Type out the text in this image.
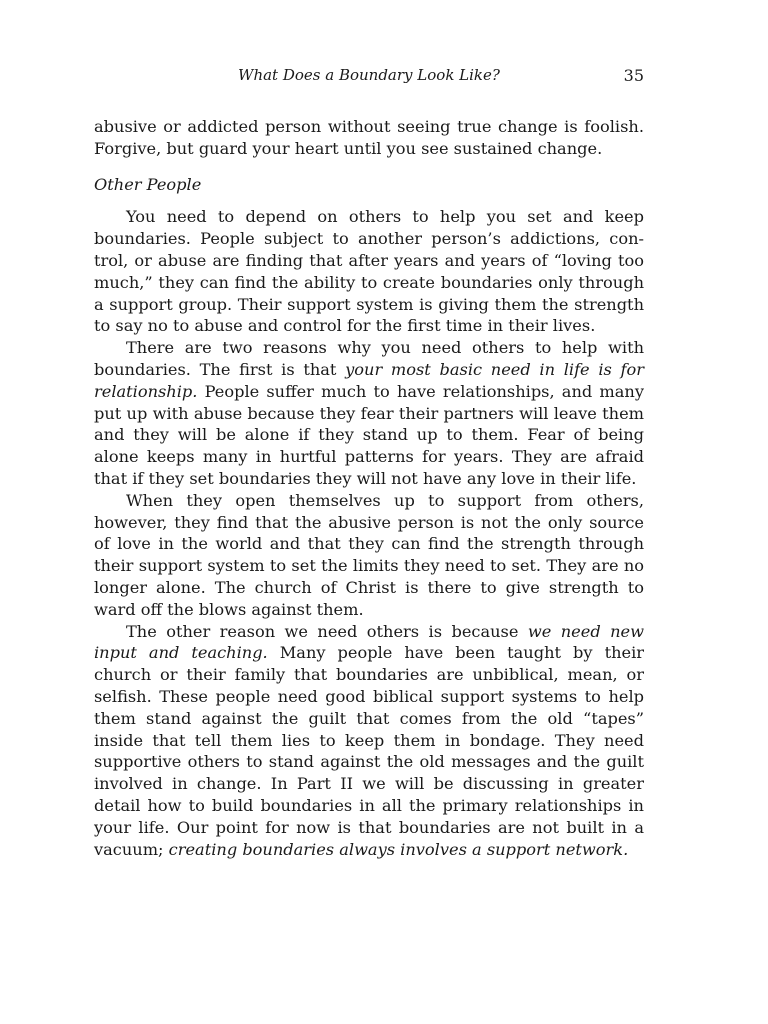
What Does a Boundary Look Like?	35

abusive or addicted person without seeing true change is foolish. Forgive, but guard your heart until you see sustained change.

Other People

You need to depend on others to help you set and keep boundaries. People subject to another person’s addictions, control, or abuse are finding that after years and years of “loving too much,” they can find the ability to create boundaries only through a support group. Their support system is giving them the strength to say no to abuse and control for the first time in their lives.

There are two reasons why you need others to help with boundaries. The first is that your most basic need in life is for relationship. People suffer much to have relationships, and many put up with abuse because they fear their partners will leave them and they will be alone if they stand up to them. Fear of being alone keeps many in hurtful patterns for years. They are afraid that if they set boundaries they will not have any love in their life.

When they open themselves up to support from others, however, they find that the abusive person is not the only source of love in the world and that they can find the strength through their support system to set the limits they need to set. They are no longer alone. The church of Christ is there to give strength to ward off the blows against them.

The other reason we need others is because we need new input and teaching. Many people have been taught by their church or their family that boundaries are unbiblical, mean, or selfish. These people need good biblical support systems to help them stand against the guilt that comes from the old “tapes” inside that tell them lies to keep them in bondage. They need supportive others to stand against the old messages and the guilt involved in change. In Part II we will be discussing in greater detail how to build boundaries in all the primary relationships in your life. Our point for now is that boundaries are not built in a vacuum; creating boundaries always involves a support network.
